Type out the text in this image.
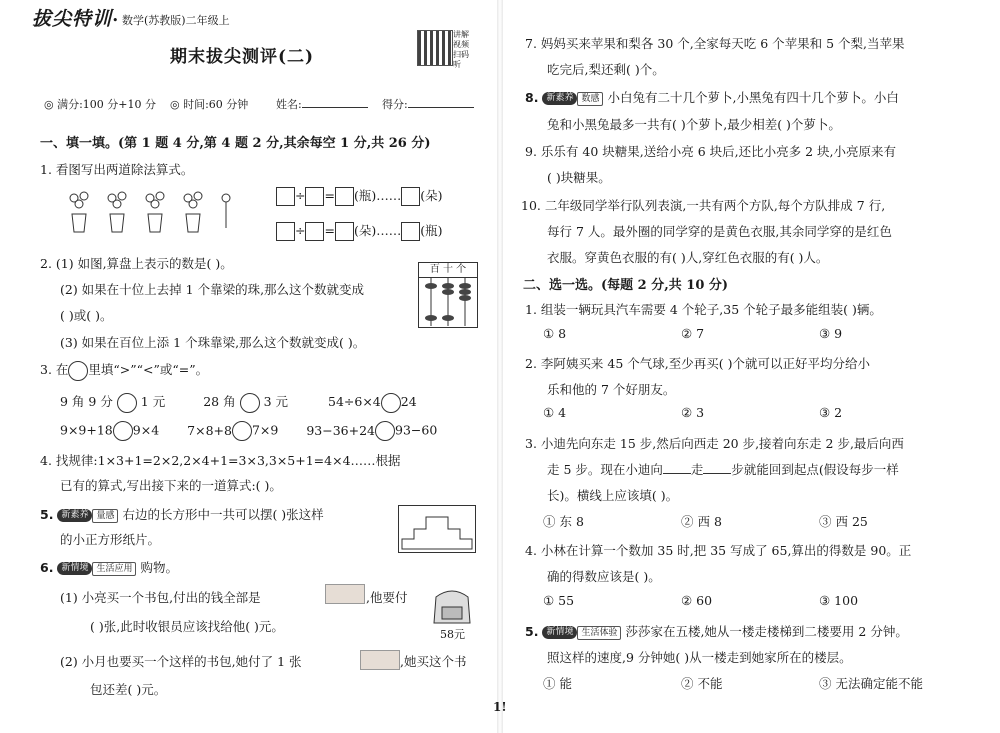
拔尖特训 • 数学(苏教版)二年级上
期末拔尖测评(二)
讲解视频扫码听
◎ 满分:100 分+10 分 ◎ 时间:60 分钟	姓名:	得分:
一、填一填。(第 1 题 4 分,第 4 题 2 分,其余每空 1 分,共 26 分)
1. 看图写出两道除法算式。
÷ = (瓶)…… (朵)
÷ = (朵)…… (瓶)
2. (1) 如图,算盘上表示的数是( )。	百 十 个
(2) 如果在十位上去掉 1 个靠梁的珠,那么这个数就变成
( )或( )。
(3) 如果在百位上添 1 个珠靠梁,那么这个数就变成( )。
3. 在 里填“>”“<”或“=”。
9 角 9 分 1 元	28 角 3 元	54÷6×4 24
9×9+18 9×4 7×8+8 7×9 93−36+24 93−60
4. 找规律:1×3+1=2×2,2×4+1=3×3,3×5+1=4×4……根据
已有的算式,写出接下来的一道算式:( )。
5. 新素养 量感 右边的长方形中一共可以摆( )张这样
的小正方形纸片。
6. 新情境 生活应用 购物。
(1) 小亮买一个书包,付出的钱全部是	,他要付
58元
( )张,此时收银员应该找给他( )元。
(2) 小月也要买一个这样的书包,她付了 1 张	,她买这个书
包还差( )元。
1!
7. 妈妈买来苹果和梨各 30 个,全家每天吃 6 个苹果和 5 个梨,当苹果
吃完后,梨还剩( )个。
8. 新素养 数感 小白兔有二十几个萝卜,小黑兔有四十几个萝卜。小白
兔和小黑兔最多一共有( )个萝卜,最少相差( )个萝卜。
9. 乐乐有 40 块糖果,送给小亮 6 块后,还比小亮多 2 块,小亮原来有
( )块糖果。
10. 二年级同学举行队列表演,一共有两个方队,每个方队排成 7 行,
每行 7 人。最外圈的同学穿的是黄色衣服,其余同学穿的是红色
衣服。穿黄色衣服的有( )人,穿红色衣服的有( )人。
二、选一选。(每题 2 分,共 10 分)
1. 组装一辆玩具汽车需要 4 个轮子,35 个轮子最多能组装( )辆。
① 8	② 7	③ 9
2. 李阿姨买来 45 个气球,至少再买( )个就可以正好平均分给小
乐和他的 7 个好朋友。
① 4	② 3	③ 2
3. 小迪先向东走 15 步,然后向西走 20 步,接着向东走 2 步,最后向西
走 5 步。现在小迪向 走 步就能回到起点(假设每步一样
长)。横线上应该填( )。
① 东 8	② 西 8	③ 西 25
4. 小林在计算一个数加 35 时,把 35 写成了 65,算出的得数是 90。正
确的得数应该是( )。
① 55	② 60	③ 100
5. 新情境 生活体验 莎莎家在五楼,她从一楼走楼梯到二楼要用 2 分钟。
照这样的速度,9 分钟她( )从一楼走到她家所在的楼层。
① 能	② 不能	③ 无法确定能不能
